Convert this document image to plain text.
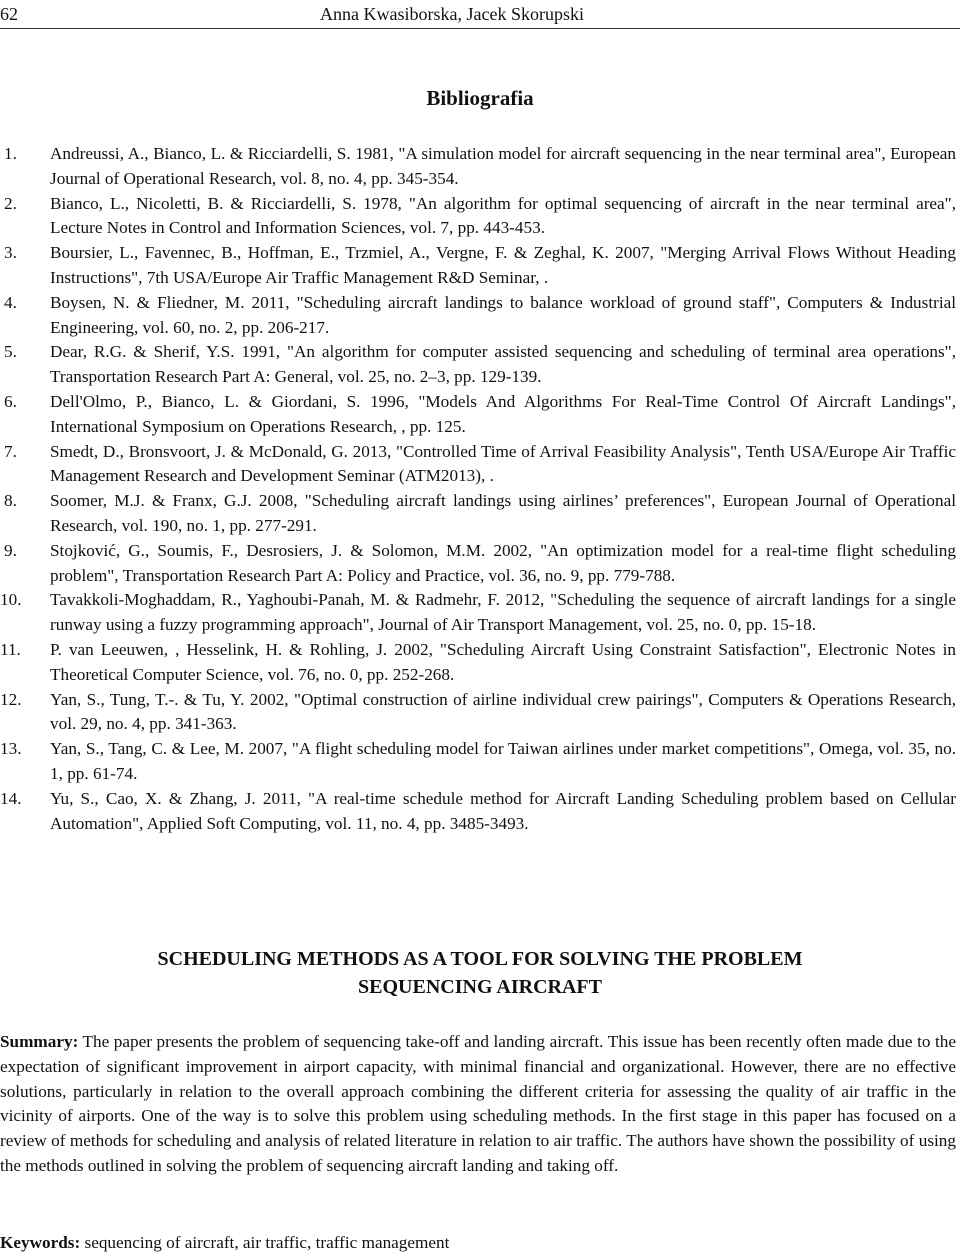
62	Anna Kwasiborska, Jacek Skorupski
Bibliografia
1. Andreussi, A., Bianco, L. & Ricciardelli, S. 1981, "A simulation model for aircraft sequencing in the near terminal area", European Journal of Operational Research, vol. 8, no. 4, pp. 345-354.
2. Bianco, L., Nicoletti, B. & Ricciardelli, S. 1978, "An algorithm for optimal sequencing of aircraft in the near terminal area", Lecture Notes in Control and Information Sciences, vol. 7, pp. 443-453.
3. Boursier, L., Favennec, B., Hoffman, E., Trzmiel, A., Vergne, F. & Zeghal, K. 2007, "Merging Arrival Flows Without Heading Instructions", 7th USA/Europe Air Traffic Management R&D Seminar, .
4. Boysen, N. & Fliedner, M. 2011, "Scheduling aircraft landings to balance workload of ground staff", Computers & Industrial Engineering, vol. 60, no. 2, pp. 206-217.
5. Dear, R.G. & Sherif, Y.S. 1991, "An algorithm for computer assisted sequencing and scheduling of terminal area operations", Transportation Research Part A: General, vol. 25, no. 2–3, pp. 129-139.
6. Dell'Olmo, P., Bianco, L. & Giordani, S. 1996, "Models And Algorithms For Real-Time Control Of Aircraft Landings", International Symposium on Operations Research, , pp. 125.
7. Smedt, D., Bronsvoort, J. & McDonald, G. 2013, "Controlled Time of Arrival Feasibility Analysis", Tenth USA/Europe Air Traffic Management Research and Development Seminar (ATM2013), .
8. Soomer, M.J. & Franx, G.J. 2008, "Scheduling aircraft landings using airlines’ preferences", European Journal of Operational Research, vol. 190, no. 1, pp. 277-291.
9. Stojković, G., Soumis, F., Desrosiers, J. & Solomon, M.M. 2002, "An optimization model for a real-time flight scheduling problem", Transportation Research Part A: Policy and Practice, vol. 36, no. 9, pp. 779-788.
10. Tavakkoli-Moghaddam, R., Yaghoubi-Panah, M. & Radmehr, F. 2012, "Scheduling the sequence of aircraft landings for a single runway using a fuzzy programming approach", Journal of Air Transport Management, vol. 25, no. 0, pp. 15-18.
11. P. van Leeuwen, , Hesselink, H. & Rohling, J. 2002, "Scheduling Aircraft Using Constraint Satisfaction", Electronic Notes in Theoretical Computer Science, vol. 76, no. 0, pp. 252-268.
12. Yan, S., Tung, T.-. & Tu, Y. 2002, "Optimal construction of airline individual crew pairings", Computers & Operations Research, vol. 29, no. 4, pp. 341-363.
13. Yan, S., Tang, C. & Lee, M. 2007, "A flight scheduling model for Taiwan airlines under market competitions", Omega, vol. 35, no. 1, pp. 61-74.
14. Yu, S., Cao, X. & Zhang, J. 2011, "A real-time schedule method for Aircraft Landing Scheduling problem based on Cellular Automation", Applied Soft Computing, vol. 11, no. 4, pp. 3485-3493.
SCHEDULING METHODS AS A TOOL FOR SOLVING THE PROBLEM
SEQUENCING AIRCRAFT

Summary: The paper presents the problem of sequencing take-off and landing aircraft. This issue has been recently often made due to the expectation of significant improvement in airport capacity, with minimal financial and organizational. However, there are no effective solutions, particularly in relation to the overall approach combining the different criteria for assessing the quality of air traffic in the vicinity of airports. One of the way is to solve this problem using scheduling methods. In the first stage in this paper has focused on a review of methods for scheduling and analysis of related literature in relation to air traffic. The authors have shown the possibility of using the methods outlined in solving the problem of sequencing aircraft landing and taking off.

Keywords: sequencing of aircraft, air traffic, traffic management
